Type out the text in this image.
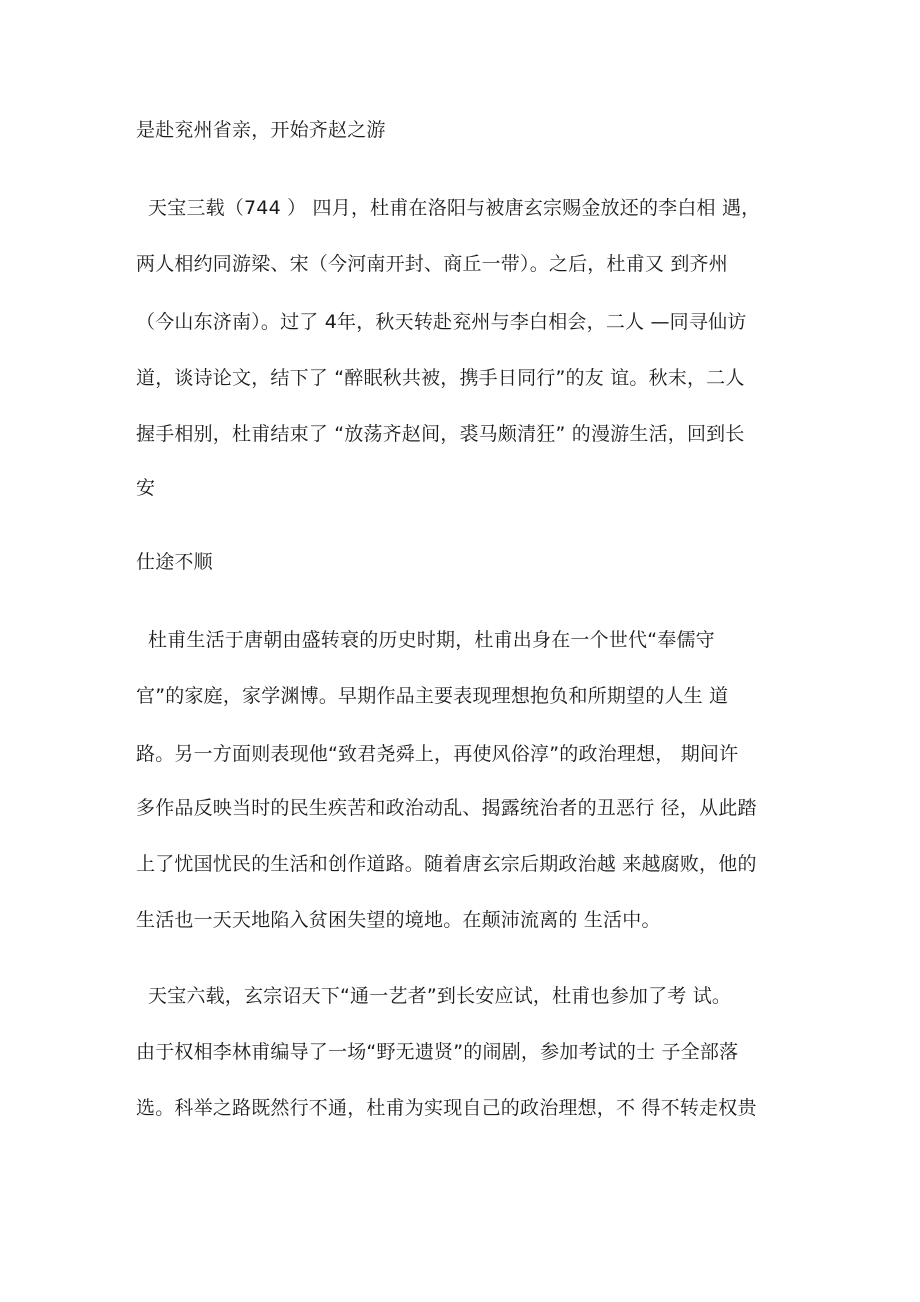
是赴兖州省亲，开始齐赵之游
天宝三载（744 ） 四月，杜甫在洛阳与被唐玄宗赐金放还的李白相 遇，
两人相约同游梁、宋（今河南开封、商丘一带）。之后，杜甫又 到齐州
（今山东济南）。过了 4年，秋天转赴兖州与李白相会，二人 —同寻仙访
道，谈诗论文，结下了 “醉眠秋共被，携手日同行”的友 谊。秋末，二人
握手相别，杜甫结束了 “放荡齐赵间，裘马颇清狂” 的漫游生活，回到长
安
仕途不顺
杜甫生活于唐朝由盛转衰的历史时期，杜甫出身在一个世代“奉儒守
官”的家庭，家学渊博。早期作品主要表现理想抱负和所期望的人生 道
路。另一方面则表现他“致君尧舜上，再使风俗淳”的政治理想， 期间许
多作品反映当时的民生疾苦和政治动乱、揭露统治者的丑恶行 径，从此踏
上了忧国忧民的生活和创作道路。随着唐玄宗后期政治越 来越腐败，他的
生活也一天天地陷入贫困失望的境地。在颠沛流离的 生活中。
天宝六载，玄宗诏天下“通一艺者”到长安应试，杜甫也参加了考 试。
由于权相李林甫编导了一场“野无遗贤”的闹剧，参加考试的士 子全部落
选。科举之路既然行不通，杜甫为实现自己的政治理想，不 得不转走权贵
